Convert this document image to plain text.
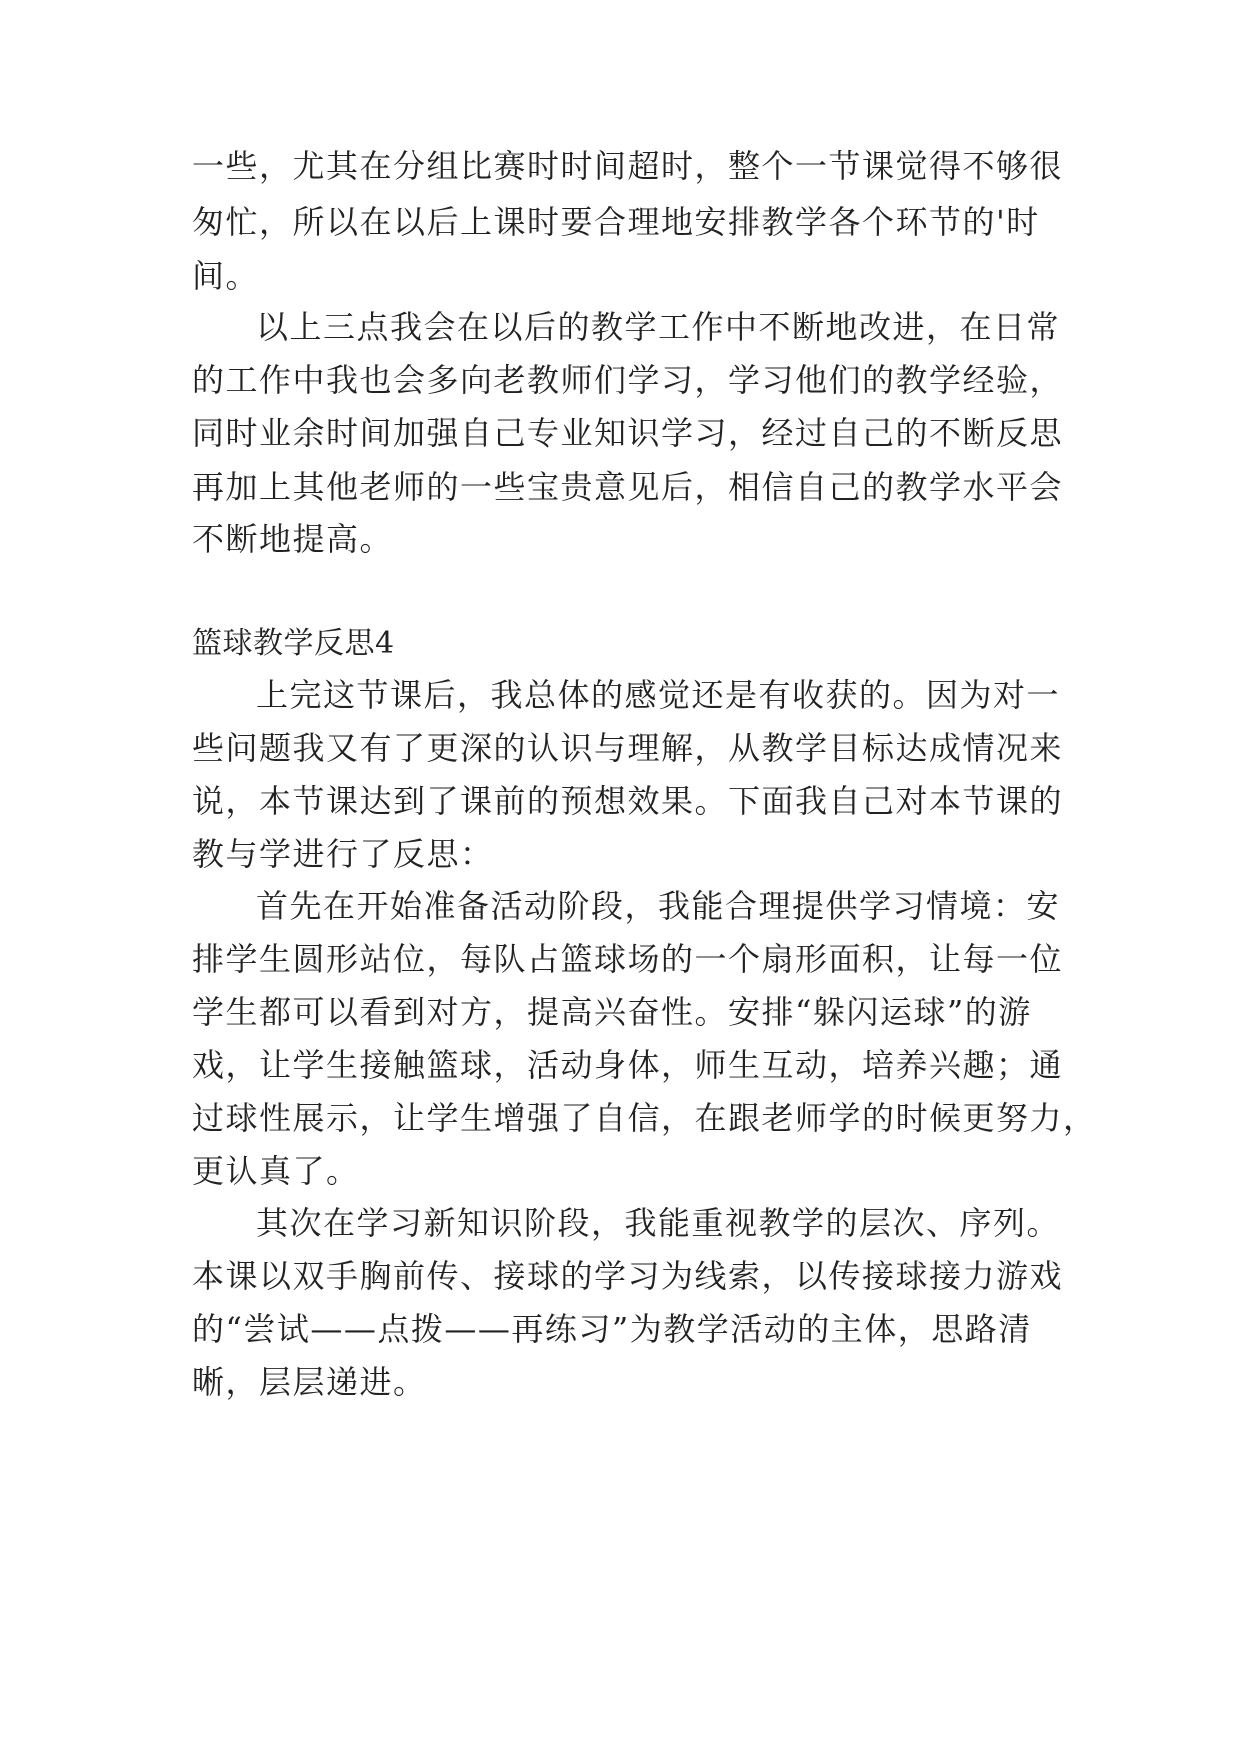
一些，尤其在分组比赛时时间超时，整个一节课觉得不够很
匆忙，所以在以后上课时要合理地安排教学各个环节的'时
间。
以上三点我会在以后的教学工作中不断地改进，在日常
的工作中我也会多向老教师们学习，学习他们的教学经验，
同时业余时间加强自己专业知识学习，经过自己的不断反思
再加上其他老师的一些宝贵意见后，相信自己的教学水平会
不断地提高。
篮球教学反思4
上完这节课后，我总体的感觉还是有收获的。因为对一
些问题我又有了更深的认识与理解，从教学目标达成情况来
说，本节课达到了课前的预想效果。下面我自己对本节课的
教与学进行了反思：
首先在开始准备活动阶段，我能合理提供学习情境：安
排学生圆形站位，每队占篮球场的一个扇形面积，让每一位
学生都可以看到对方，提高兴奋性。安排“躲闪运球”的游
戏，让学生接触篮球，活动身体，师生互动，培养兴趣；通
过球性展示，让学生增强了自信，在跟老师学的时候更努力，
更认真了。
其次在学习新知识阶段，我能重视教学的层次、序列。
本课以双手胸前传、接球的学习为线索，以传接球接力游戏
的“尝试——点拨——再练习”为教学活动的主体，思路清
晰，层层递进。
